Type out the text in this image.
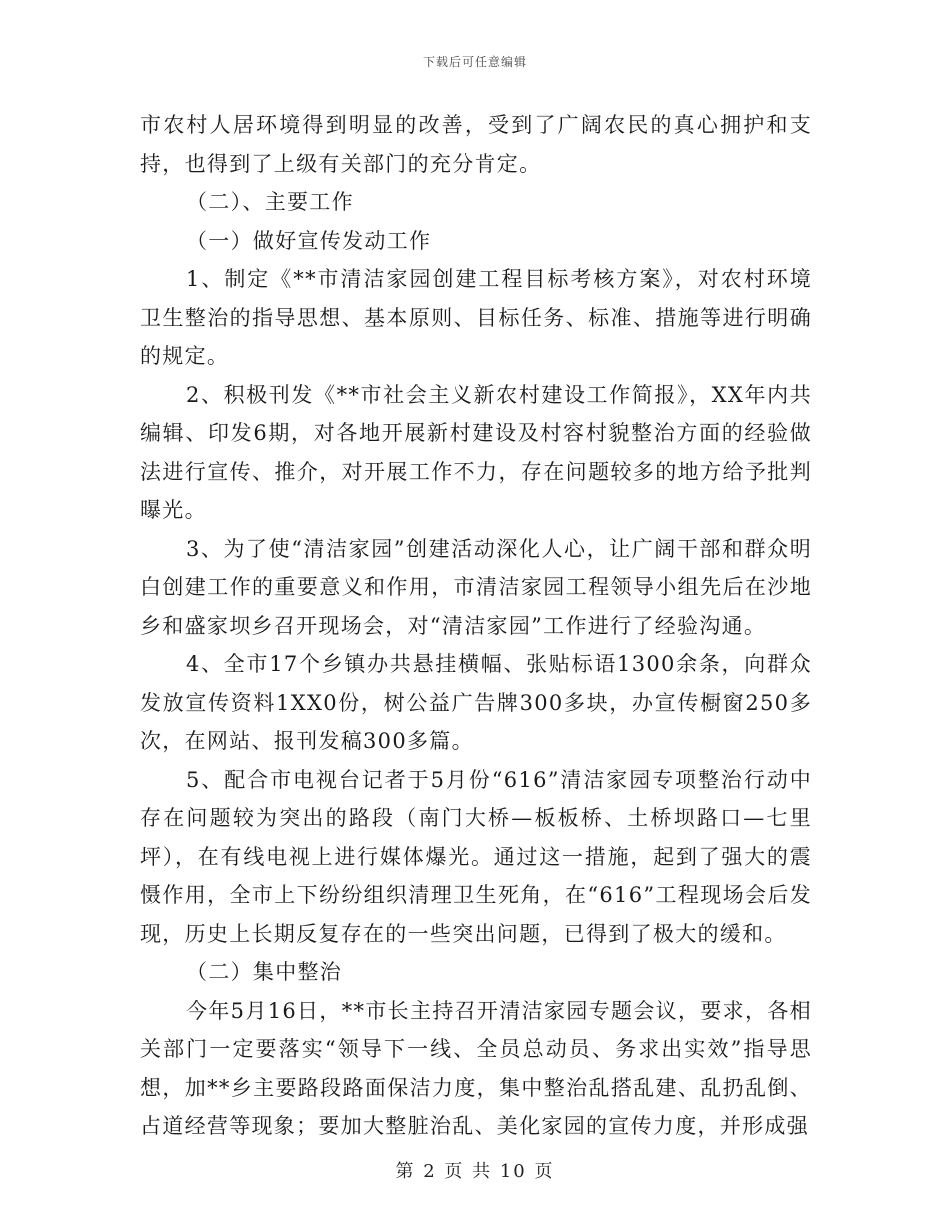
下载后可任意编辑

市农村人居环境得到明显的改善，受到了广阔农民的真心拥护和支持，也得到了上级有关部门的充分肯定。

（二）、主要工作

（一）做好宣传发动工作

1、制定《**市清洁家园创建工程目标考核方案》，对农村环境卫生整治的指导思想、基本原则、目标任务、标准、措施等进行明确的规定。

2、积极刊发《**市社会主义新农村建设工作简报》，XX年内共编辑、印发6期，对各地开展新村建设及村容村貌整治方面的经验做法进行宣传、推介，对开展工作不力，存在问题较多的地方给予批判曝光。

3、为了使“清洁家园”创建活动深化人心，让广阔干部和群众明白创建工作的重要意义和作用，市清洁家园工程领导小组先后在沙地乡和盛家坝乡召开现场会，对“清洁家园”工作进行了经验沟通。

4、全市17个乡镇办共悬挂横幅、张贴标语1300余条，向群众发放宣传资料1XX0份，树公益广告牌300多块，办宣传橱窗250多次，在网站、报刊发稿300多篇。

5、配合市电视台记者于5月份“616”清洁家园专项整治行动中存在问题较为突出的路段（南门大桥—板板桥、土桥坝路口—七里坪），在有线电视上进行媒体爆光。通过这一措施，起到了强大的震慑作用，全市上下纷纷组织清理卫生死角，在“616”工程现场会后发现，历史上长期反复存在的一些突出问题，已得到了极大的缓和。

（二）集中整治

今年5月16日，**市长主持召开清洁家园专题会议，要求，各相关部门一定要落实“领导下一线、全员总动员、务求出实效”指导思想，加**乡主要路段路面保洁力度，集中整治乱搭乱建、乱扔乱倒、占道经营等现象；要加大整脏治乱、美化家园的宣传力度，并形成强

第 2 页 共 10 页
